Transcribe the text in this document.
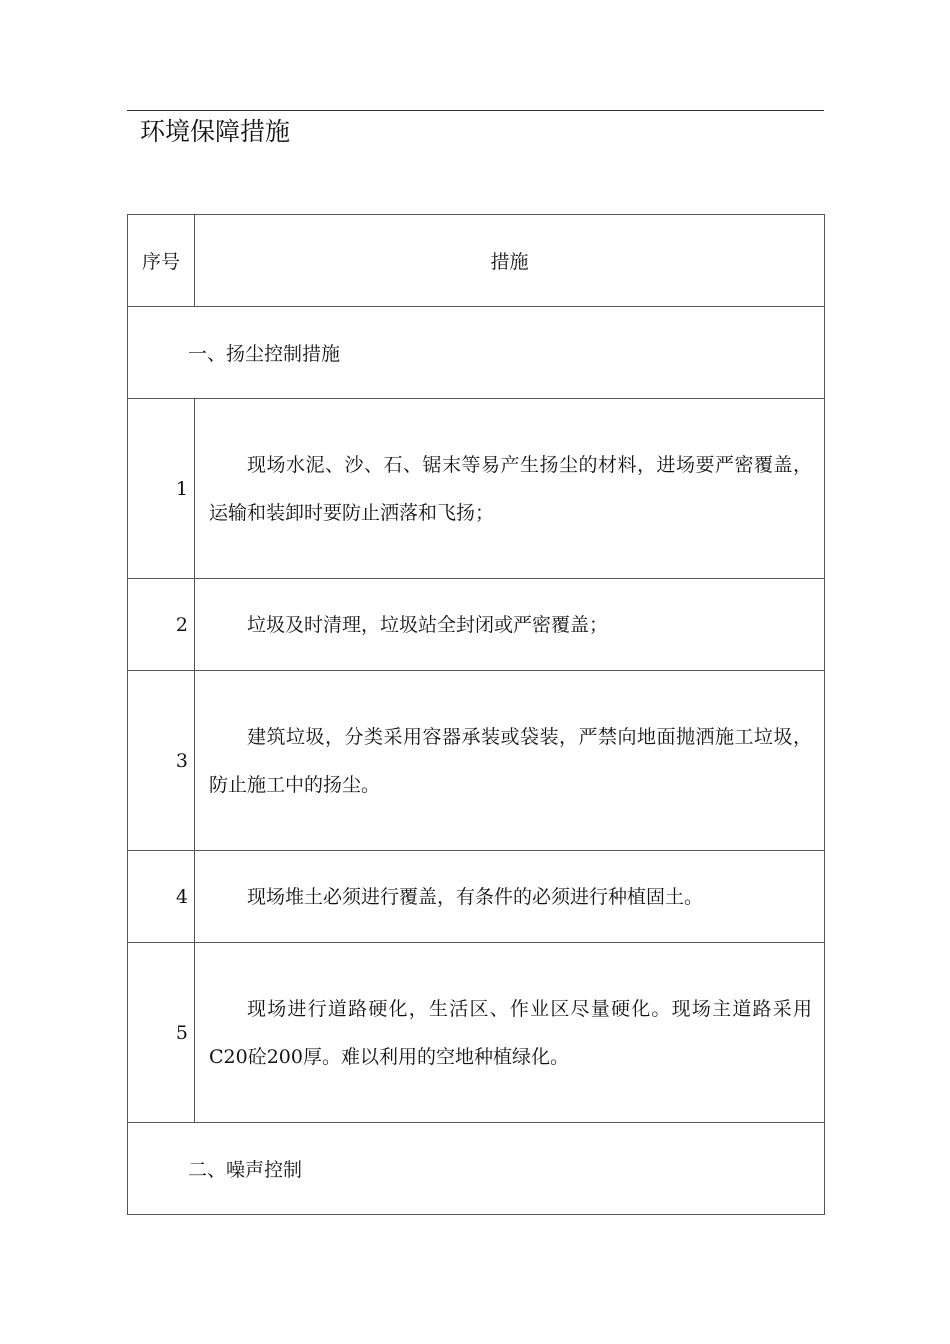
环境保障措施
序号	措施
一、扬尘控制措施	
1	现场水泥、沙、石、锯末等易产生扬尘的材料，进场要严密覆盖，运输和装卸时要防止洒落和飞扬；
2	垃圾及时清理，垃圾站全封闭或严密覆盖；
3	建筑垃圾，分类采用容器承装或袋装，严禁向地面抛洒施工垃圾，防止施工中的扬尘。
4	现场堆土必须进行覆盖，有条件的必须进行种植固土。
5	现场进行道路硬化，生活区、作业区尽量硬化。现场主道路采用C20砼200厚。难以利用的空地种植绿化。
二、噪声控制	
